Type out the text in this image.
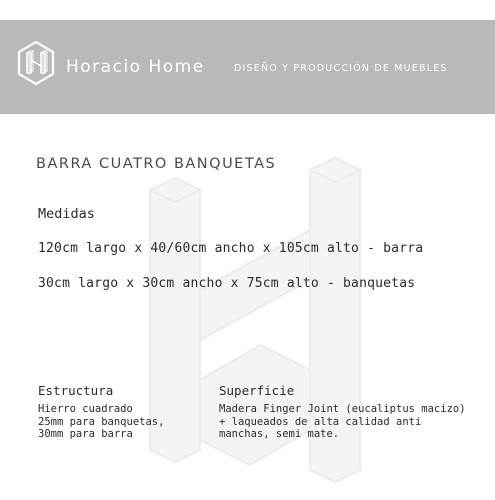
Horacio Home	DISEÑO Y PRODUCCIÓN DE MUEBLES
BARRA CUATRO BANQUETAS
Medidas
120cm largo x 40/60cm ancho x 105cm alto - barra
30cm largo x 30cm ancho x 75cm alto - banquetas
Estructura
Hierro cuadrado
25mm para banquetas,
30mm para barra
Superficie
Madera Finger Joint (eucaliptus macizo)
+ laqueados de alta calidad anti
manchas, semi mate.
